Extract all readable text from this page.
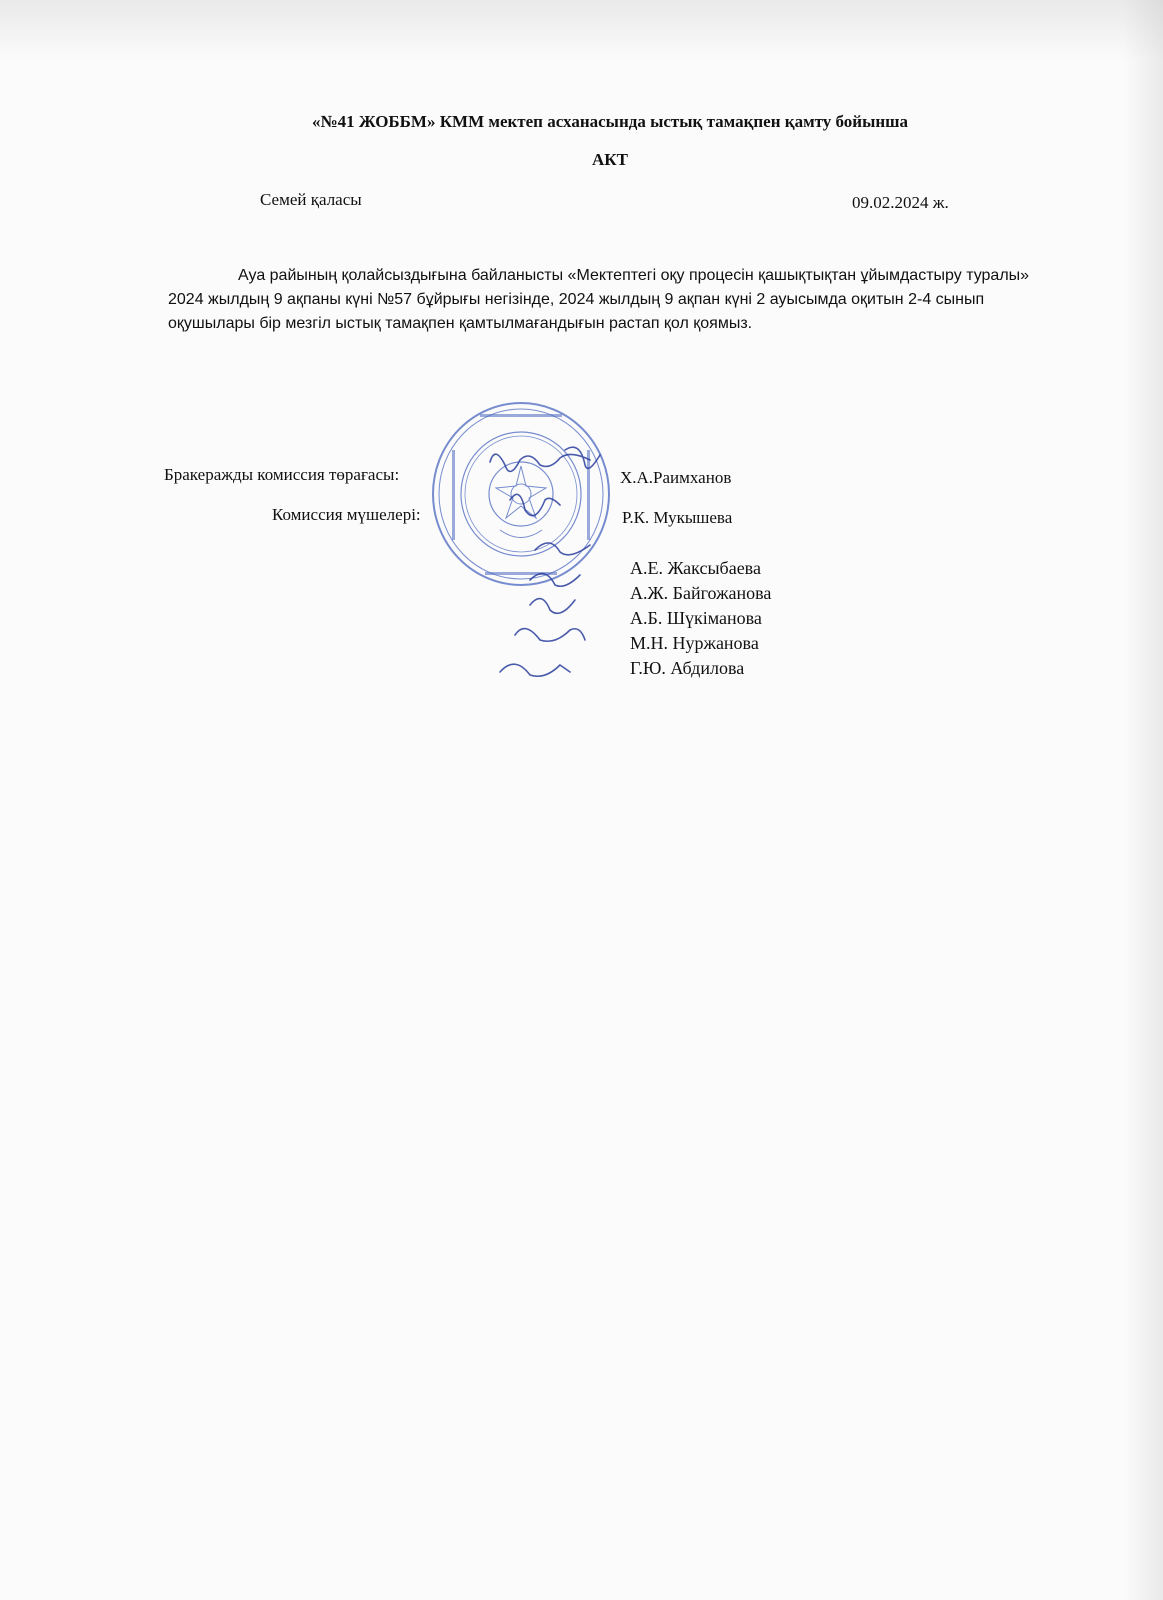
«№41 ЖОББМ» КММ мектеп асханасында ыстық тамақпен қамту бойынша
АКТ
Семей қаласы	09.02.2024 ж.
Ауа райының қолайсыздығына байланысты «Мектептегі оқу процесін қашықтықтан ұйымдастыру туралы» 2024 жылдың 9 ақпаны күні №57 бұйрығы негізінде, 2024 жылдың 9 ақпан күні 2 ауысымда оқитын 2-4 сынып оқушылары бір мезгіл ыстық тамақпен қамтылмағандығын растап қол қоямыз.
Бракеражды комиссия төрағасы:	Х.А.Раимханов
Комиссия мүшелері:	Р.К. Мукышева
А.Е. Жаксыбаева
А.Ж. Байгожанова
А.Б. Шүкіманова
М.Н. Нуржанова
Г.Ю. Абдилова
